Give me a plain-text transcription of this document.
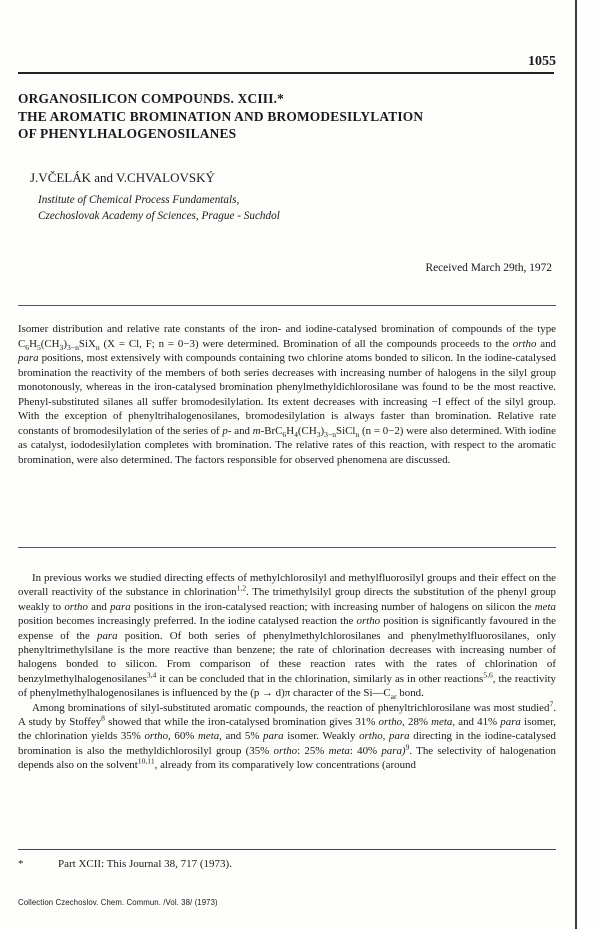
1055
ORGANOSILICON COMPOUNDS. XCIII.*
THE AROMATIC BROMINATION AND BROMODESILYLATION
OF PHENYLHALOGENOSILANES
J.VČELÁK and V.CHVALOVSKÝ
Institute of Chemical Process Fundamentals,
Czechoslovak Academy of Sciences, Prague - Suchdol
Received March 29th, 1972
Isomer distribution and relative rate constants of the iron- and iodine-catalysed bromination of compounds of the type $C_6H_5(CH_3)_{3-n}SiX_n$ (X = Cl, F; n = 0−3) were determined. Bromination of all the compounds proceeds to the ortho and para positions, most extensively with compounds containing two chlorine atoms bonded to silicon. In the iodine-catalysed bromination the reactivity of the members of both series decreases with increasing number of halogens in the silyl group monotonously, whereas in the iron-catalysed bromination phenylmethyldichlorosilane was found to be the most reactive. Phenyl-substituted silanes all suffer bromodesilylation. Its extent decreases with increasing −I effect of the silyl group. With the exception of phenyltrihalogenosilanes, bromodesilylation is always faster than bromination. Relative rate constants of bromodesilylation of the series of p- and $m-BrC_6H_4(CH_3)_{3-n}SiCl_n$ (n = 0−2) were also determined. With iodine as catalyst, iododesilylation completes with bromination. The relative rates of this reaction, with respect to the aromatic bromination, were also determined. The factors responsible for observed phenomena are discussed.

In previous works we studied directing effects of methylchlorosilyl and methylfluorosilyl groups and their effect on the overall reactivity of the substance in chlorination$^{1,2}$. The trimethylsilyl group directs the substitution of the phenyl group weakly to ortho and para positions in the iron-catalysed reaction; with increasing number of halogens on silicon the meta position becomes increasingly preferred. In the iodine catalysed reaction the ortho position is significantly favoured in the expense of the para position. Of both series of phenylmethylchlorosilanes and phenylmethylfluorosilanes, only phenyltrimethylsilane is the more reactive than benzene; the rate of chlorination decreases with increasing number of halogens bonded to silicon. From comparison of these reaction rates with the rates of chlorination of benzylmethylhalogenosilanes$^{3,4}$ it can be concluded that in the chlorination, similarly as in other reactions$^{5,6}$, the reactivity of phenylmethylhalogenosilanes is influenced by the (p → d)π character of the $Si—C_{ar}$ bond.

Among brominations of silyl-substituted aromatic compounds, the reaction of phenyltrichlorosilane was most studied$^7$. A study by Stoffey$^8$ showed that while the iron-catalysed bromination gives 31% ortho, 28% meta, and 41% para isomer, the chlorination yields 35% ortho, 60% meta, and 5% para isomer. Weakly ortho, para directing in the iodine-catalysed bromination is also the methyldichlorosilyl group (35% ortho: 25% meta: 40% para)$^9$. The selectivity of halogenation depends also on the solvent$^{10,11}$, already from its comparatively low concentrations (around

*	Part XCII: This Journal 38, 717 (1973).
Collection Czechoslov. Chem. Commun. /Vol. 38/ (1973)
